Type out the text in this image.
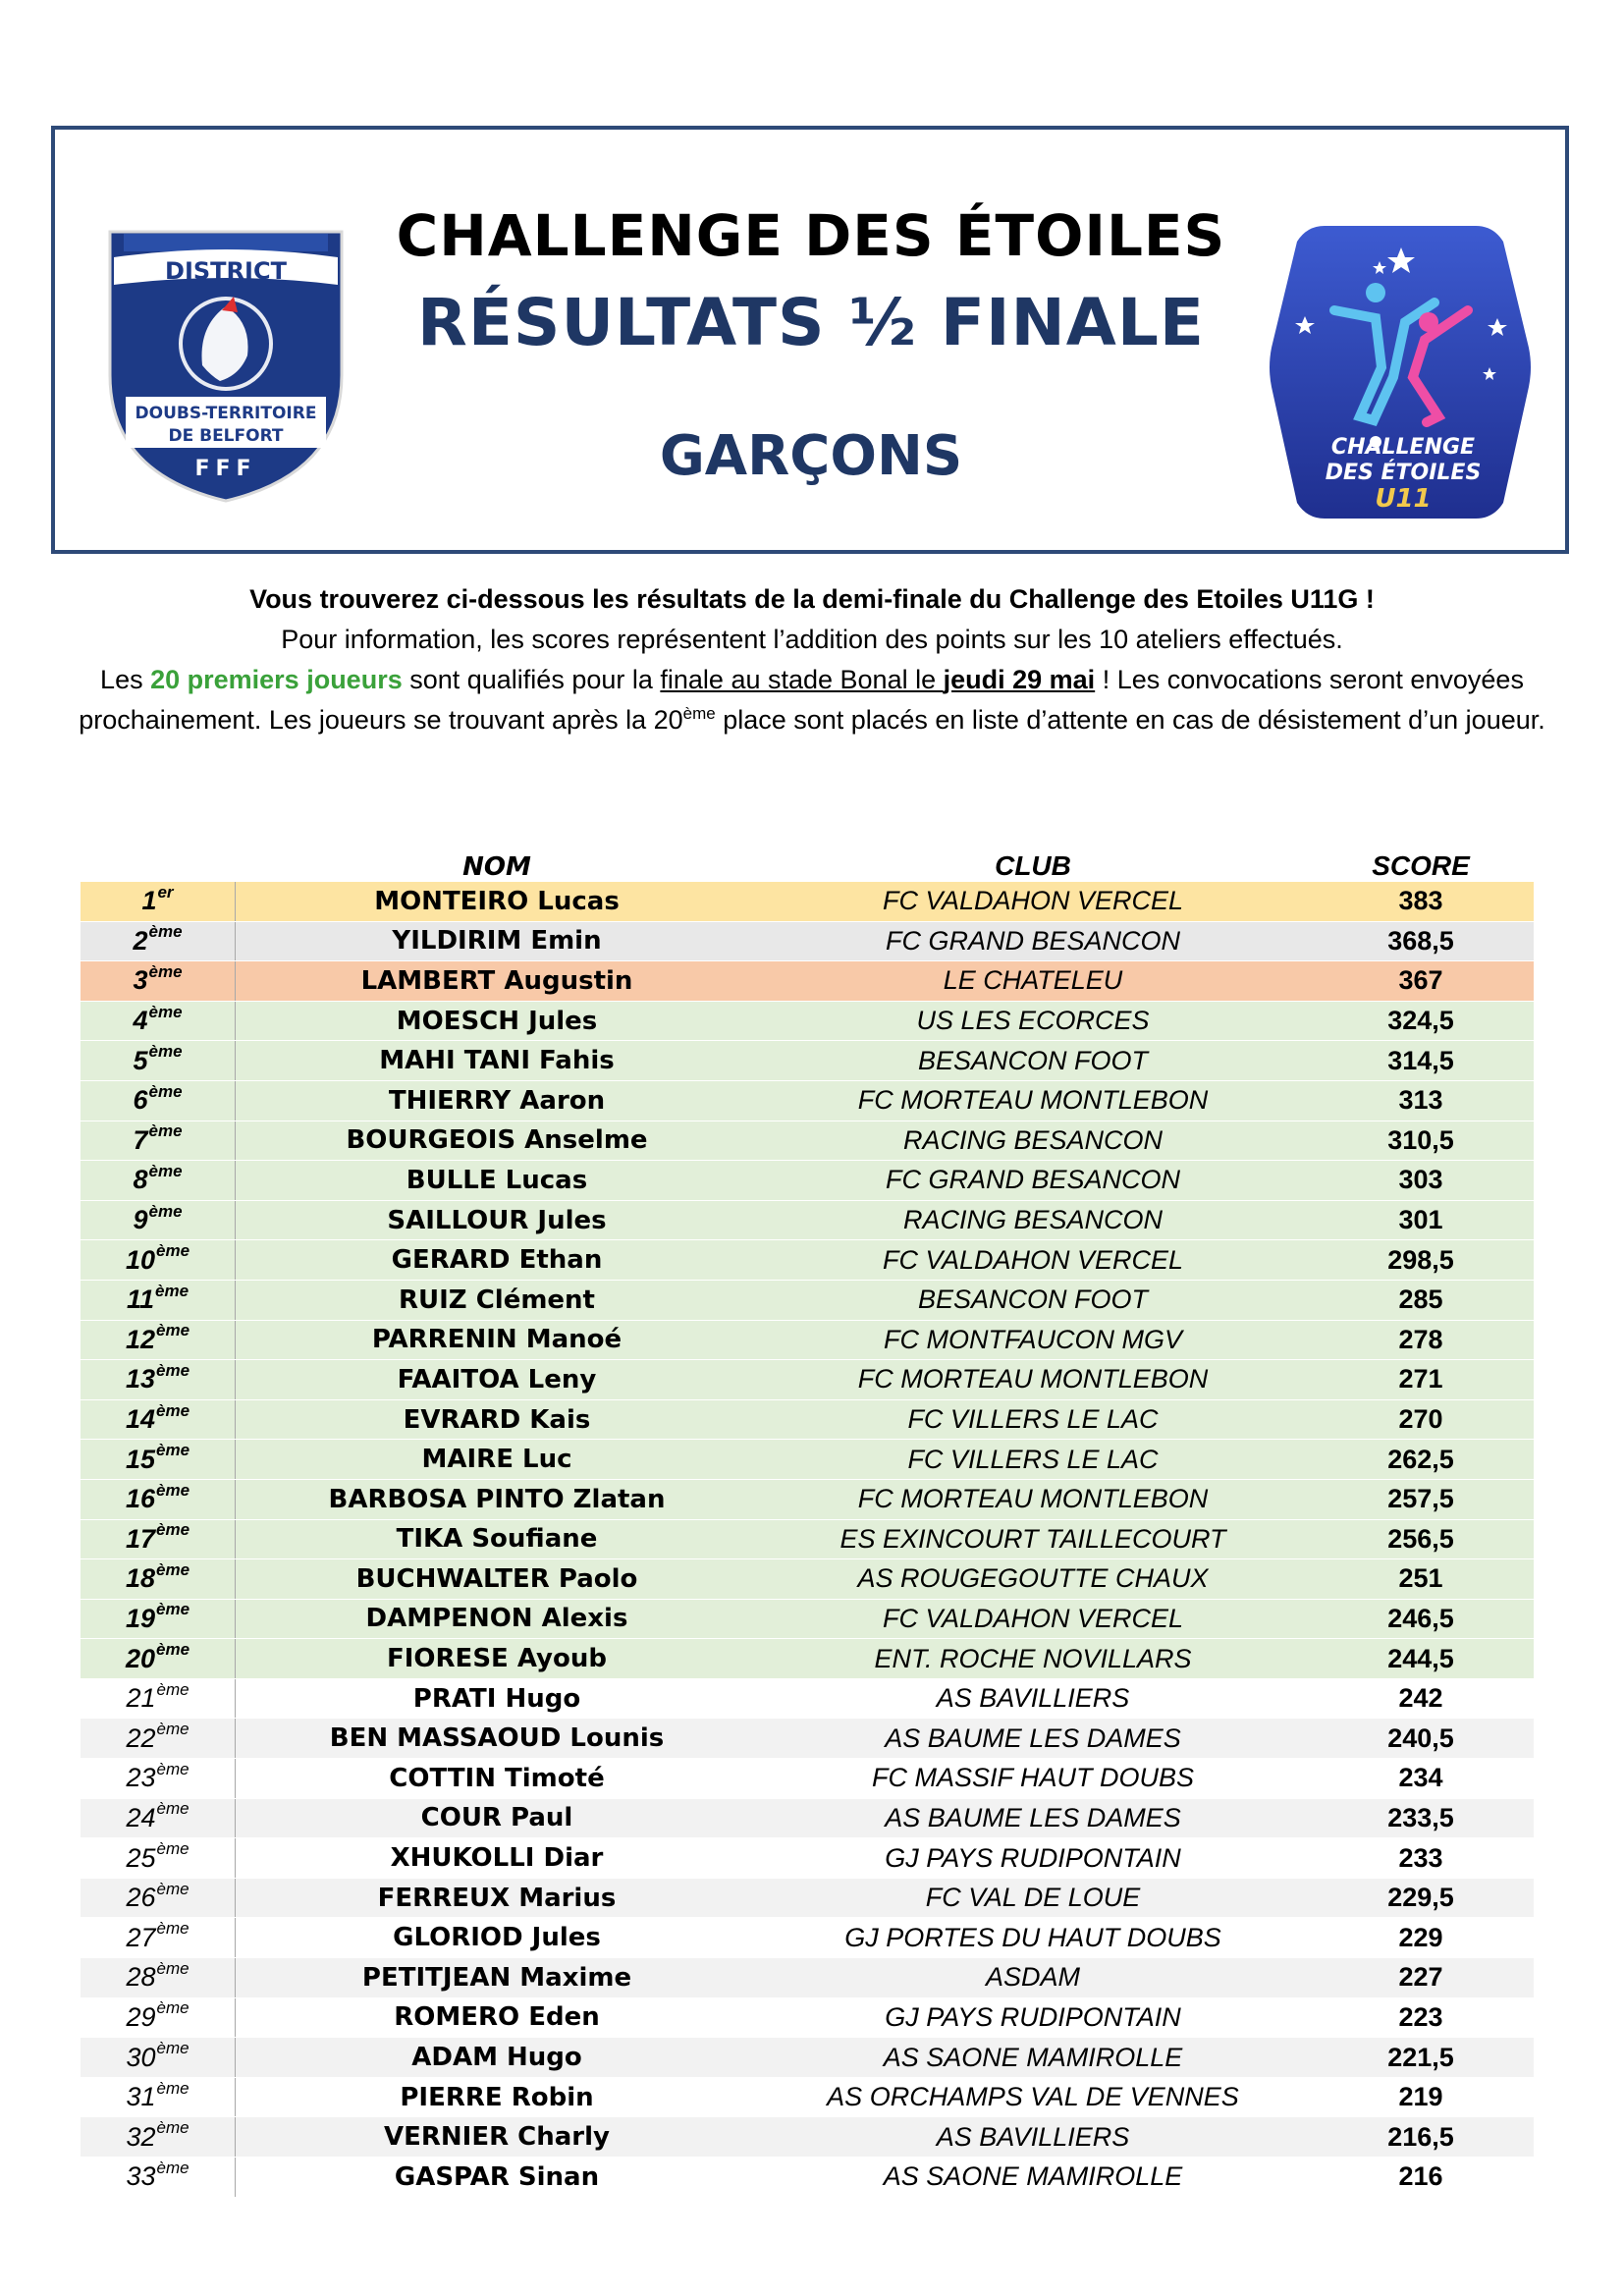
DISTRICT
DOUBS-TERRITOIRE
DE BELFORT
FFF
CHALLENGE DES ÉTOILES
RÉSULTATS ½ FINALE
GARÇONS	CHALLENGE
DES ÉTOILES
U11
Vous trouverez ci-dessous les résultats de la demi-finale du Challenge des Etoiles U11G !
Pour information, les scores représentent l’addition des points sur les 10 ateliers effectués.
Les 20 premiers joueurs sont qualifiés pour la finale au stade Bonal le jeudi 29 mai ! Les convocations seront envoyées prochainement. Les joueurs se trouvant après la 20ème place sont placés en liste d’attente en cas de désistement d’un joueur.
NOM	CLUB	SCORE
1er	MONTEIRO Lucas	FC VALDAHON VERCEL	383
2ème	YILDIRIM Emin	FC GRAND BESANCON	368,5
3ème	LAMBERT Augustin	LE CHATELEU	367
4ème	MOESCH Jules	US LES ECORCES	324,5
5ème	MAHI TANI Fahis	BESANCON FOOT	314,5
6ème	THIERRY Aaron	FC MORTEAU MONTLEBON	313
7ème	BOURGEOIS Anselme	RACING BESANCON	310,5
8ème	BULLE Lucas	FC GRAND BESANCON	303
9ème	SAILLOUR Jules	RACING BESANCON	301
10ème	GERARD Ethan	FC VALDAHON VERCEL	298,5
11ème	RUIZ Clément	BESANCON FOOT	285
12ème	PARRENIN Manoé	FC MONTFAUCON MGV	278
13ème	FAAITOA Leny	FC MORTEAU MONTLEBON	271
14ème	EVRARD Kais	FC VILLERS LE LAC	270
15ème	MAIRE Luc	FC VILLERS LE LAC	262,5
16ème	BARBOSA PINTO Zlatan	FC MORTEAU MONTLEBON	257,5
17ème	TIKA Soufiane	ES EXINCOURT TAILLECOURT	256,5
18ème	BUCHWALTER Paolo	AS ROUGEGOUTTE CHAUX	251
19ème	DAMPENON Alexis	FC VALDAHON VERCEL	246,5
20ème	FIORESE Ayoub	ENT. ROCHE NOVILLARS	244,5
21ème	PRATI Hugo	AS BAVILLIERS	242
22ème	BEN MASSAOUD Lounis	AS BAUME LES DAMES	240,5
23ème	COTTIN Timoté	FC MASSIF HAUT DOUBS	234
24ème	COUR Paul	AS BAUME LES DAMES	233,5
25ème	XHUKOLLI Diar	GJ PAYS RUDIPONTAIN	233
26ème	FERREUX Marius	FC VAL DE LOUE	229,5
27ème	GLORIOD Jules	GJ PORTES DU HAUT DOUBS	229
28ème	PETITJEAN Maxime	ASDAM	227
29ème	ROMERO Eden	GJ PAYS RUDIPONTAIN	223
30ème	ADAM Hugo	AS SAONE MAMIROLLE	221,5
31ème	PIERRE Robin	AS ORCHAMPS VAL DE VENNES	219
32ème	VERNIER Charly	AS BAVILLIERS	216,5
33ème	GASPAR Sinan	AS SAONE MAMIROLLE	216
